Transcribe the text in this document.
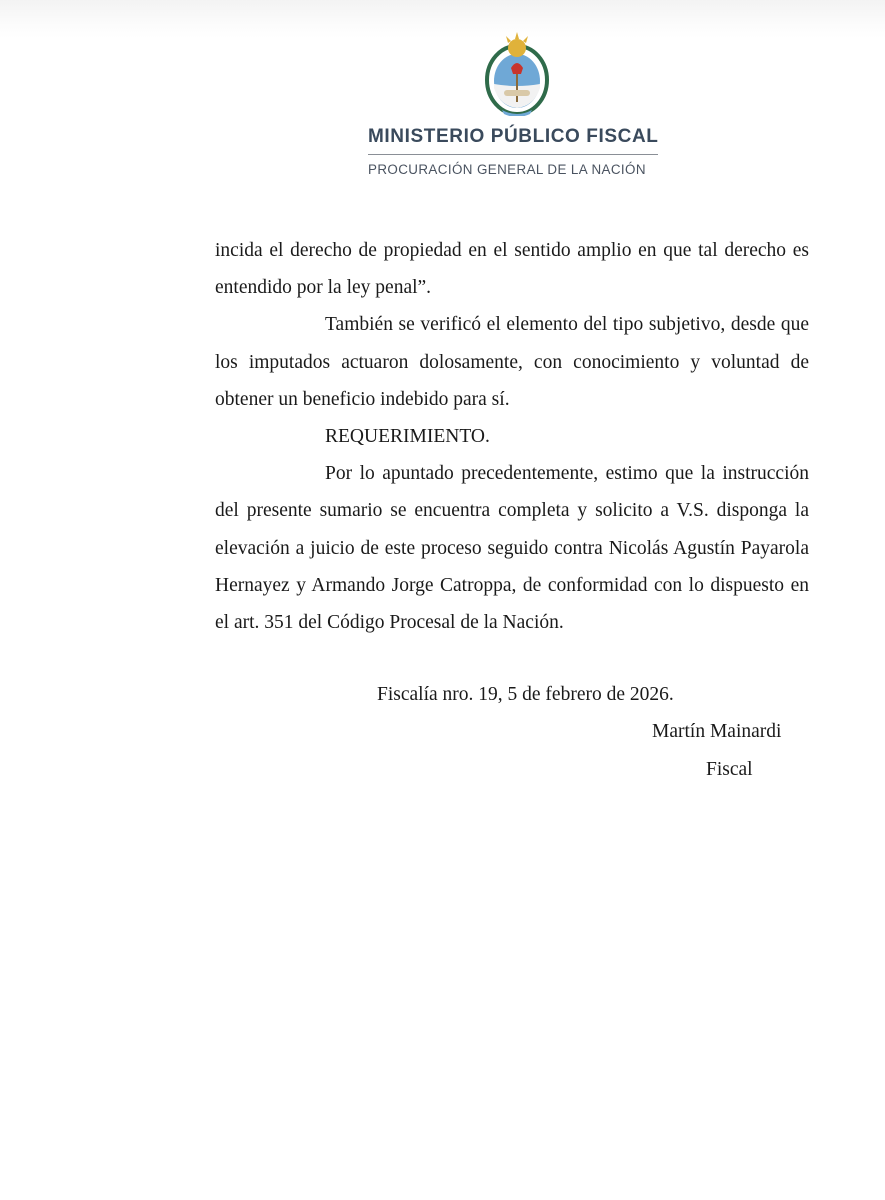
MINISTERIO PÚBLICO FISCAL
PROCURACIÓN GENERAL DE LA NACIÓN

incida el derecho de propiedad en el sentido amplio en que tal derecho es entendido por la ley penal”.

También se verificó el elemento del tipo subjetivo, desde que los imputados actuaron dolosamente, con conocimiento y voluntad de obtener un beneficio indebido para sí.

REQUERIMIENTO.

Por lo apuntado precedentemente, estimo que la instrucción del presente sumario se encuentra completa y solicito a V.S. disponga la elevación a juicio de este proceso seguido contra Nicolás Agustín Payarola Hernayez y Armando Jorge Catroppa, de conformidad con lo dispuesto en el art. 351 del Código Procesal de la Nación.

Fiscalía nro. 19, 5 de febrero de 2026.
Martín Mainardi
Fiscal
